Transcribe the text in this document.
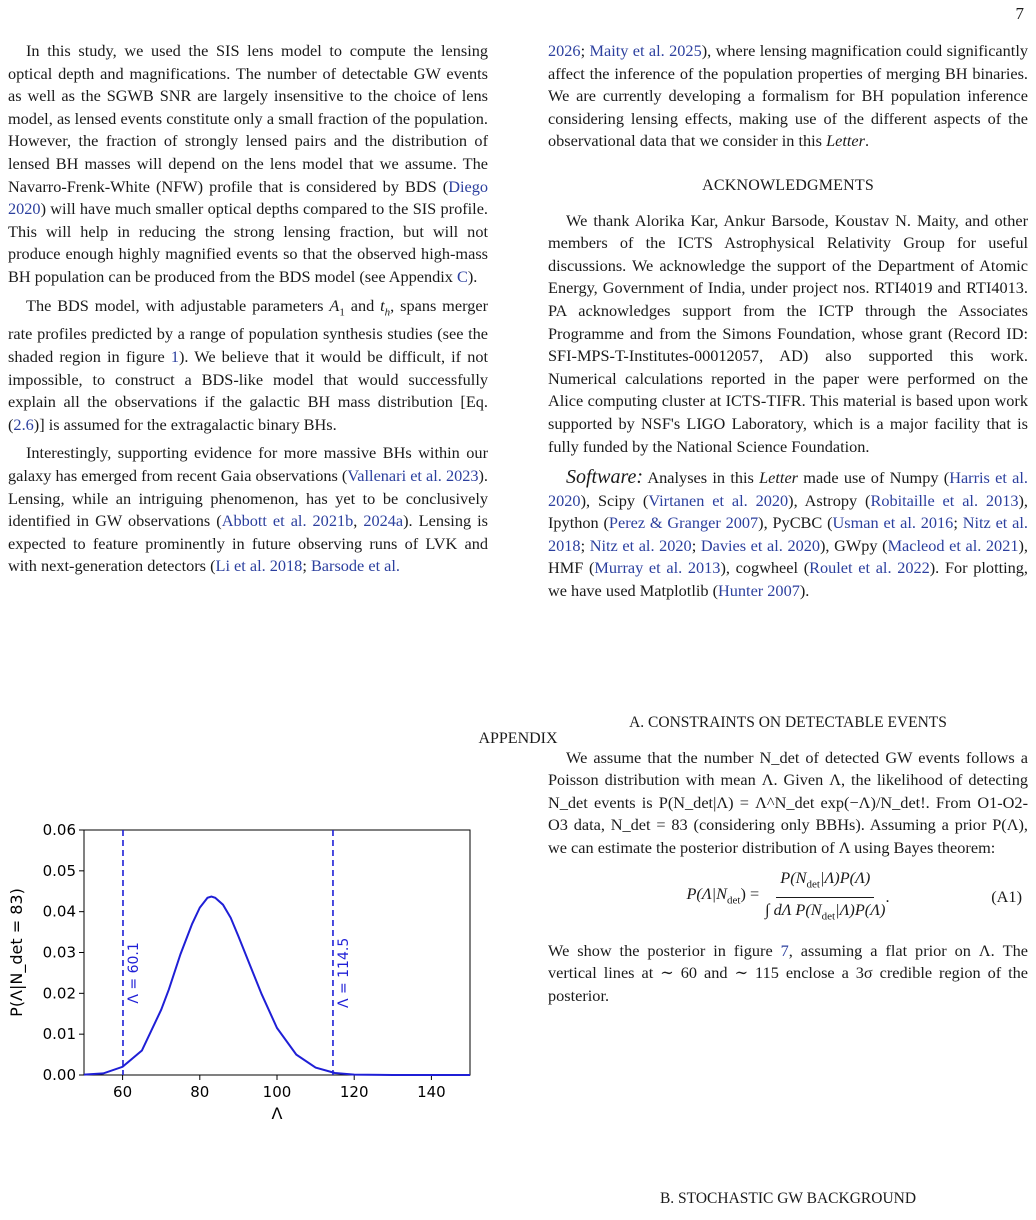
7

In this study, we used the SIS lens model to compute the lensing optical depth and magnifications. The number of detectable GW events as well as the SGWB SNR are largely insensitive to the choice of lens model, as lensed events constitute only a small fraction of the population. However, the fraction of strongly lensed pairs and the distribution of lensed BH masses will depend on the lens model that we assume. The Navarro-Frenk-White (NFW) profile that is considered by BDS (Diego 2020) will have much smaller optical depths compared to the SIS profile. This will help in reducing the strong lensing fraction, but will not produce enough highly magnified events so that the observed high-mass BH population can be produced from the BDS model (see Appendix C).

The BDS model, with adjustable parameters $A_1$ and $t_h$, spans merger rate profiles predicted by a range of population synthesis studies (see the shaded region in figure 1). We believe that it would be difficult, if not impossible, to construct a BDS-like model that would successfully explain all the observations if the galactic BH mass distribution [Eq. (2.6)] is assumed for the extragalactic binary BHs.

Interestingly, supporting evidence for more massive BHs within our galaxy has emerged from recent Gaia observations (Vallenari et al. 2023). Lensing, while an intriguing phenomenon, has yet to be conclusively identified in GW observations (Abbott et al. 2021b, 2024a). Lensing is expected to feature prominently in future observing runs of LVK and with next-generation detectors (Li et al. 2018; Barsode et al.

2026; Maity et al. 2025), where lensing magnification could significantly affect the inference of the population properties of merging BH binaries. We are currently developing a formalism for BH population inference considering lensing effects, making use of the different aspects of the observational data that we consider in this Letter.

ACKNOWLEDGMENTS

We thank Alorika Kar, Ankur Barsode, Koustav N. Maity, and other members of the ICTS Astrophysical Relativity Group for useful discussions. We acknowledge the support of the Department of Atomic Energy, Government of India, under project nos. RTI4019 and RTI4013. PA acknowledges support from the ICTP through the Associates Programme and from the Simons Foundation, whose grant (Record ID: SFI-MPS-T-Institutes-00012057, AD) also supported this work. Numerical calculations reported in the paper were performed on the Alice computing cluster at ICTS-TIFR. This material is based upon work supported by NSF's LIGO Laboratory, which is a major facility that is fully funded by the National Science Foundation.

Software: Analyses in this Letter made use of Numpy (Harris et al. 2020), Scipy (Virtanen et al. 2020), Astropy (Robitaille et al. 2013), Ipython (Perez & Granger 2007), PyCBC (Usman et al. 2016; Nitz et al. 2018; Nitz et al. 2020; Davies et al. 2020), GWpy (Macleod et al. 2021), HMF (Murray et al. 2013), cogwheel (Roulet et al. 2022). For plotting, we have used Matplotlib (Hunter 2007).

APPENDIX
60	80	100	120	140
0.00
0.01
0.02
0.03
0.04
0.05
0.06
Λ
P(Λ|N_det = 83)	Λ = 60.1	Λ = 114.5
A. CONSTRAINTS ON DETECTABLE EVENTS

We assume that the number N_det of detected GW events follows a Poisson distribution with mean Λ. Given Λ, the likelihood of detecting N_det events is P(N_det|Λ) = Λ^N_det exp(−Λ)/N_det!. From O1-O2-O3 data, N_det = 83 (considering only BBHs). Assuming a prior P(Λ), we can estimate the posterior distribution of Λ using Bayes theorem:

$P(\Lambda|N_{det}) = \frac{P(N_{det}|\Lambda)P(\Lambda)}{\int d\Lambda P(N_{det}|\Lambda)P(\Lambda)}$ .	(A1)

We show the posterior in figure 7, assuming a flat prior on Λ. The vertical lines at ∼ 60 and ∼ 115 enclose a 3σ credible region of the posterior.

B. STOCHASTIC GW BACKGROUND
